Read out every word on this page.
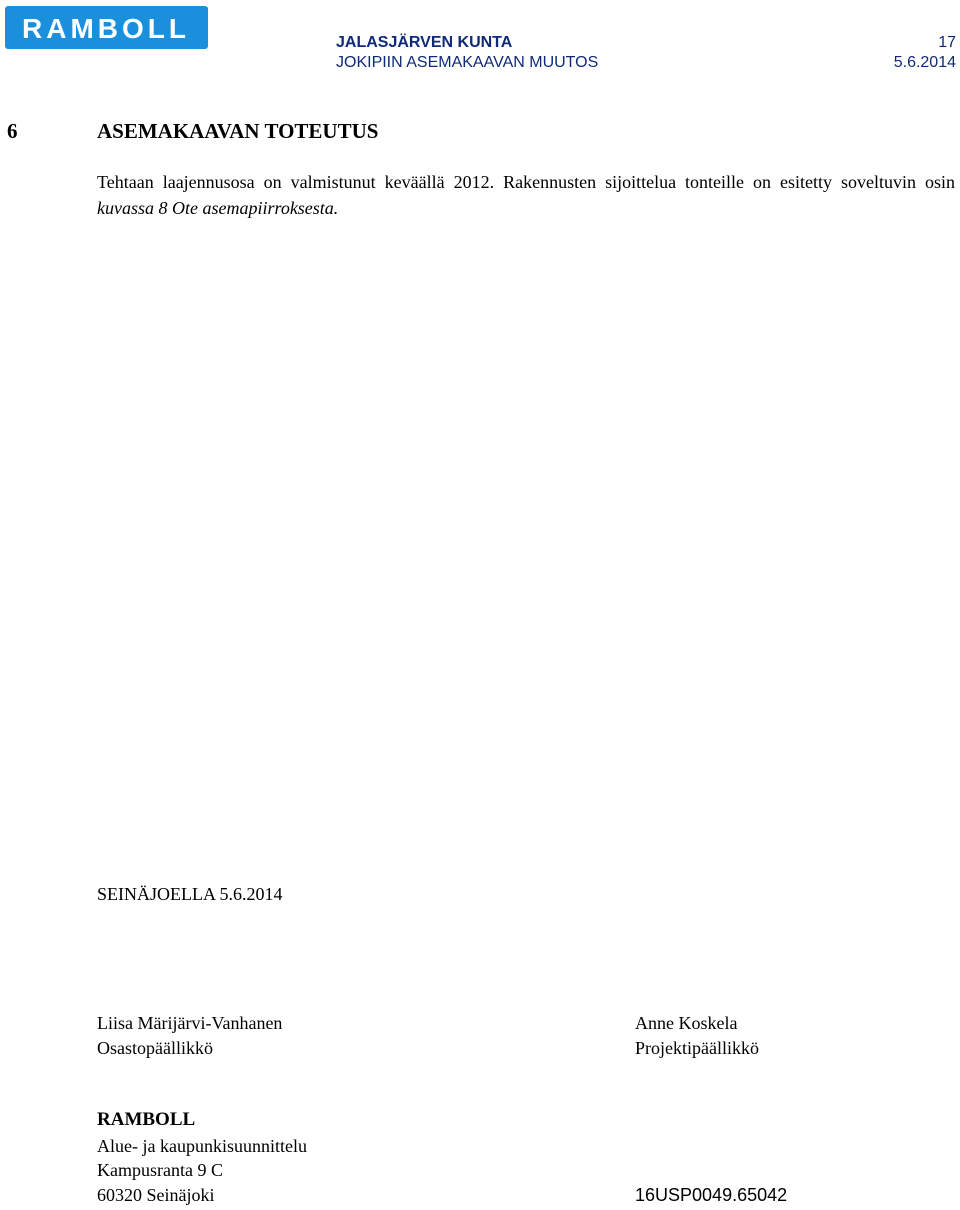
RAMBOLL	JALASJÄRVEN KUNTA
JOKIPIIN ASEMAKAAVAN MUUTOS
17
5.6.2014
6	ASEMAKAAVAN TOTEUTUS

Tehtaan laajennusosa on valmistunut keväällä 2012. Rakennusten sijoittelua tonteille on esitetty soveltuvin osin kuvassa 8 Ote asemapiirroksesta.

SEINÄJOELLA 5.6.2014
Liisa Märijärvi-Vanhanen
Osastopäällikkö
Anne Koskela
Projektipäällikkö
RAMBOLL
Alue- ja kaupunkisuunnittelu
Kampusranta 9 C
60320 Seinäjoki	16USP0049.65042
